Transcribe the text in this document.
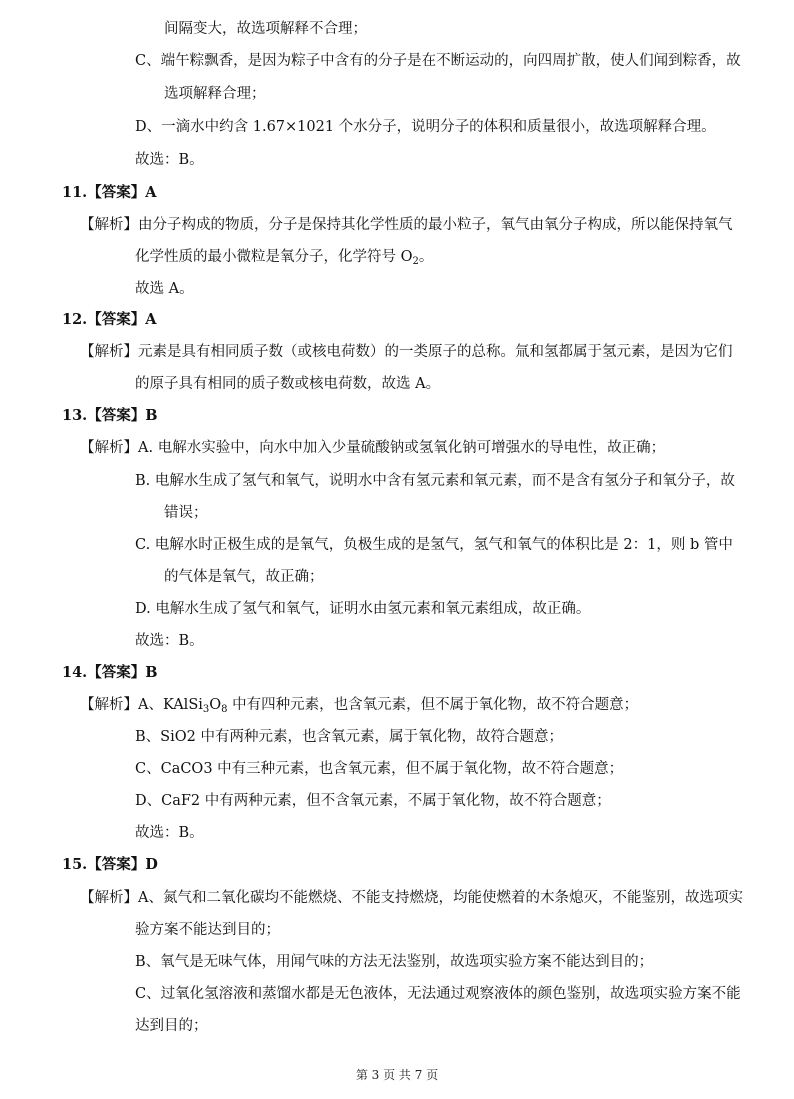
间隔变大，故选项解释不合理；
C、端午粽飘香，是因为粽子中含有的分子是在不断运动的，向四周扩散，使人们闻到粽香，故
选项解释合理；
D、一滴水中约含 1.67×1021 个水分子，说明分子的体积和质量很小，故选项解释合理。
故选：B。
11.【答案】A
【解析】由分子构成的物质，分子是保持其化学性质的最小粒子，氧气由氧分子构成，所以能保持氧气
化学性质的最小微粒是氧分子，化学符号 $O_2$。
故选 A。
12.【答案】A
【解析】元素是具有相同质子数（或核电荷数）的一类原子的总称。氚和氢都属于氢元素，是因为它们
的原子具有相同的质子数或核电荷数，故选 A。
13.【答案】B
【解析】A. 电解水实验中，向水中加入少量硫酸钠或氢氧化钠可增强水的导电性，故正确；
B. 电解水生成了氢气和氧气，说明水中含有氢元素和氧元素，而不是含有氢分子和氧分子，故
错误；
C. 电解水时正极生成的是氧气，负极生成的是氢气，氢气和氧气的体积比是 2：1，则 b 管中
的气体是氧气，故正确；
D. 电解水生成了氢气和氧气，证明水由氢元素和氧元素组成，故正确。
故选：B。
14.【答案】B
【解析】A、$KAlSi_3O_8$ 中有四种元素，也含氧元素，但不属于氧化物，故不符合题意；
B、SiO2 中有两种元素，也含氧元素，属于氧化物，故符合题意；
C、CaCO3 中有三种元素，也含氧元素，但不属于氧化物，故不符合题意；
D、CaF2 中有两种元素，但不含氧元素，不属于氧化物，故不符合题意；
故选：B。
15.【答案】D
【解析】A、氮气和二氧化碳均不能燃烧、不能支持燃烧，均能使燃着的木条熄灭，不能鉴别，故选项实
验方案不能达到目的；
B、氧气是无味气体，用闻气味的方法无法鉴别，故选项实验方案不能达到目的；
C、过氧化氢溶液和蒸馏水都是无色液体，无法通过观察液体的颜色鉴别，故选项实验方案不能
达到目的；
第 3 页 共 7 页
